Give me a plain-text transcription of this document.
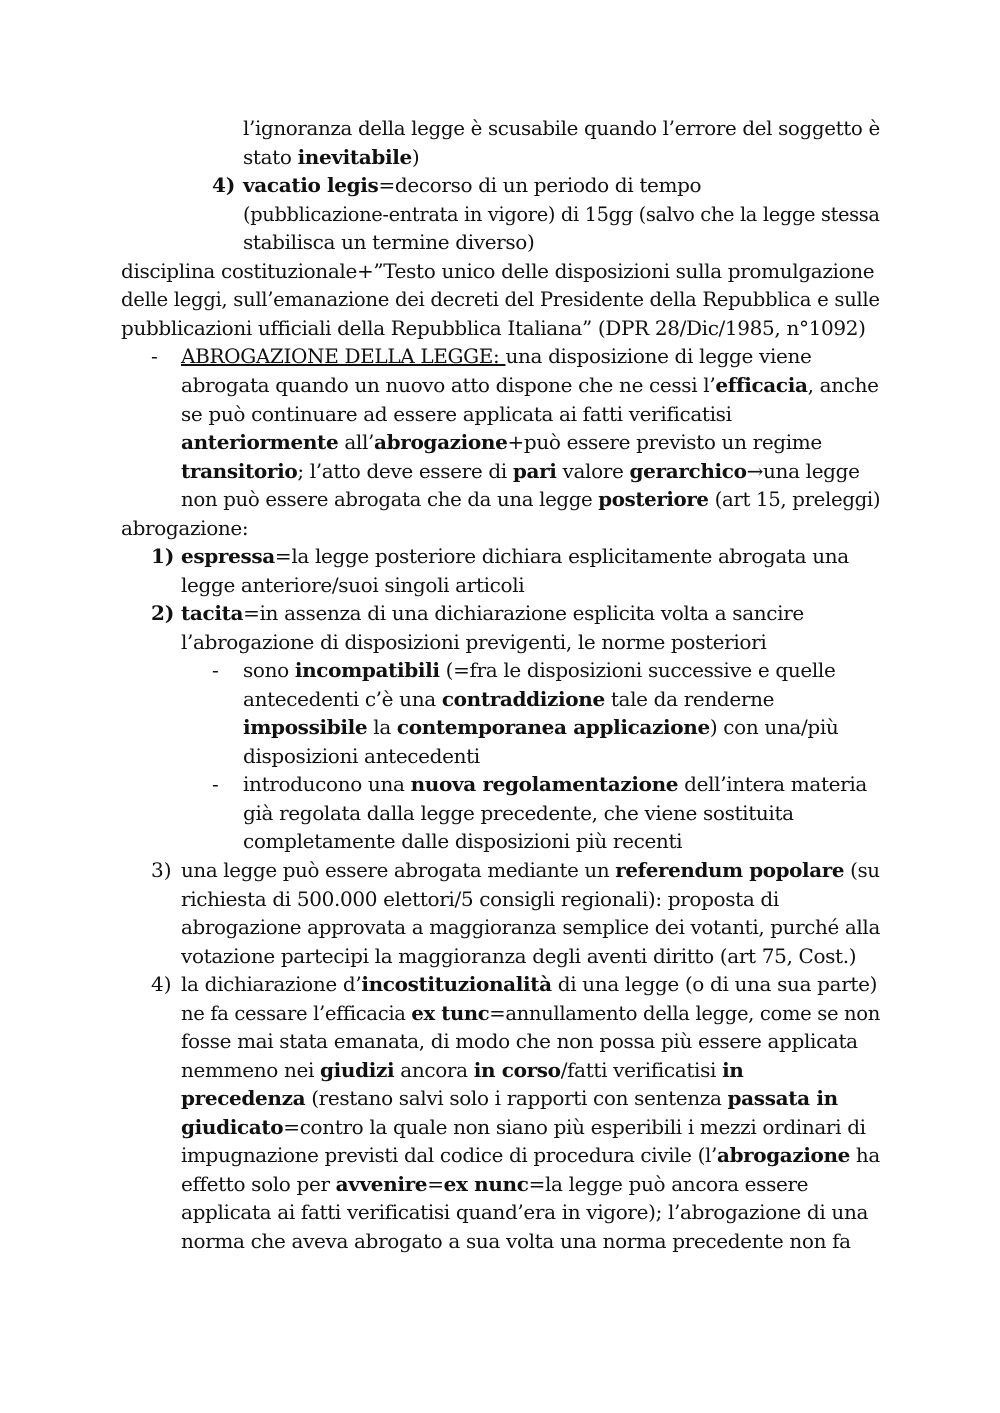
l’ignoranza della legge è scusabile quando l’errore del soggetto è

stato inevitabile)

4) vacatio legis=decorso di un periodo di tempo

(pubblicazione-entrata in vigore) di 15gg (salvo che la legge stessa

stabilisca un termine diverso)

disciplina costituzionale+”Testo unico delle disposizioni sulla promulgazione

delle leggi, sull’emanazione dei decreti del Presidente della Repubblica e sulle

pubblicazioni ufficiali della Repubblica Italiana” (DPR 28/Dic/1985, n°1092)

- ABROGAZIONE DELLA LEGGE: una disposizione di legge viene

abrogata quando un nuovo atto dispone che ne cessi l’efficacia, anche

se può continuare ad essere applicata ai fatti verificatisi

anteriormente all’abrogazione+può essere previsto un regime

transitorio; l’atto deve essere di pari valore gerarchico→una legge

non può essere abrogata che da una legge posteriore (art 15, preleggi)

abrogazione:

1) espressa=la legge posteriore dichiara esplicitamente abrogata una

legge anteriore/suoi singoli articoli

2) tacita=in assenza di una dichiarazione esplicita volta a sancire

l’abrogazione di disposizioni previgenti, le norme posteriori

- sono incompatibili (=fra le disposizioni successive e quelle

antecedenti c’è una contraddizione tale da renderne

impossibile la contemporanea applicazione) con una/più

disposizioni antecedenti

- introducono una nuova regolamentazione dell’intera materia

già regolata dalla legge precedente, che viene sostituita

completamente dalle disposizioni più recenti

3) una legge può essere abrogata mediante un referendum popolare (su

richiesta di 500.000 elettori/5 consigli regionali): proposta di

abrogazione approvata a maggioranza semplice dei votanti, purché alla

votazione partecipi la maggioranza degli aventi diritto (art 75, Cost.)

4) la dichiarazione d’incostituzionalità di una legge (o di una sua parte)

ne fa cessare l’efficacia ex tunc=annullamento della legge, come se non

fosse mai stata emanata, di modo che non possa più essere applicata

nemmeno nei giudizi ancora in corso/fatti verificatisi in

precedenza (restano salvi solo i rapporti con sentenza passata in

giudicato=contro la quale non siano più esperibili i mezzi ordinari di

impugnazione previsti dal codice di procedura civile (l’abrogazione ha

effetto solo per avvenire=ex nunc=la legge può ancora essere

applicata ai fatti verificatisi quand’era in vigore); l’abrogazione di una

norma che aveva abrogato a sua volta una norma precedente non fa
